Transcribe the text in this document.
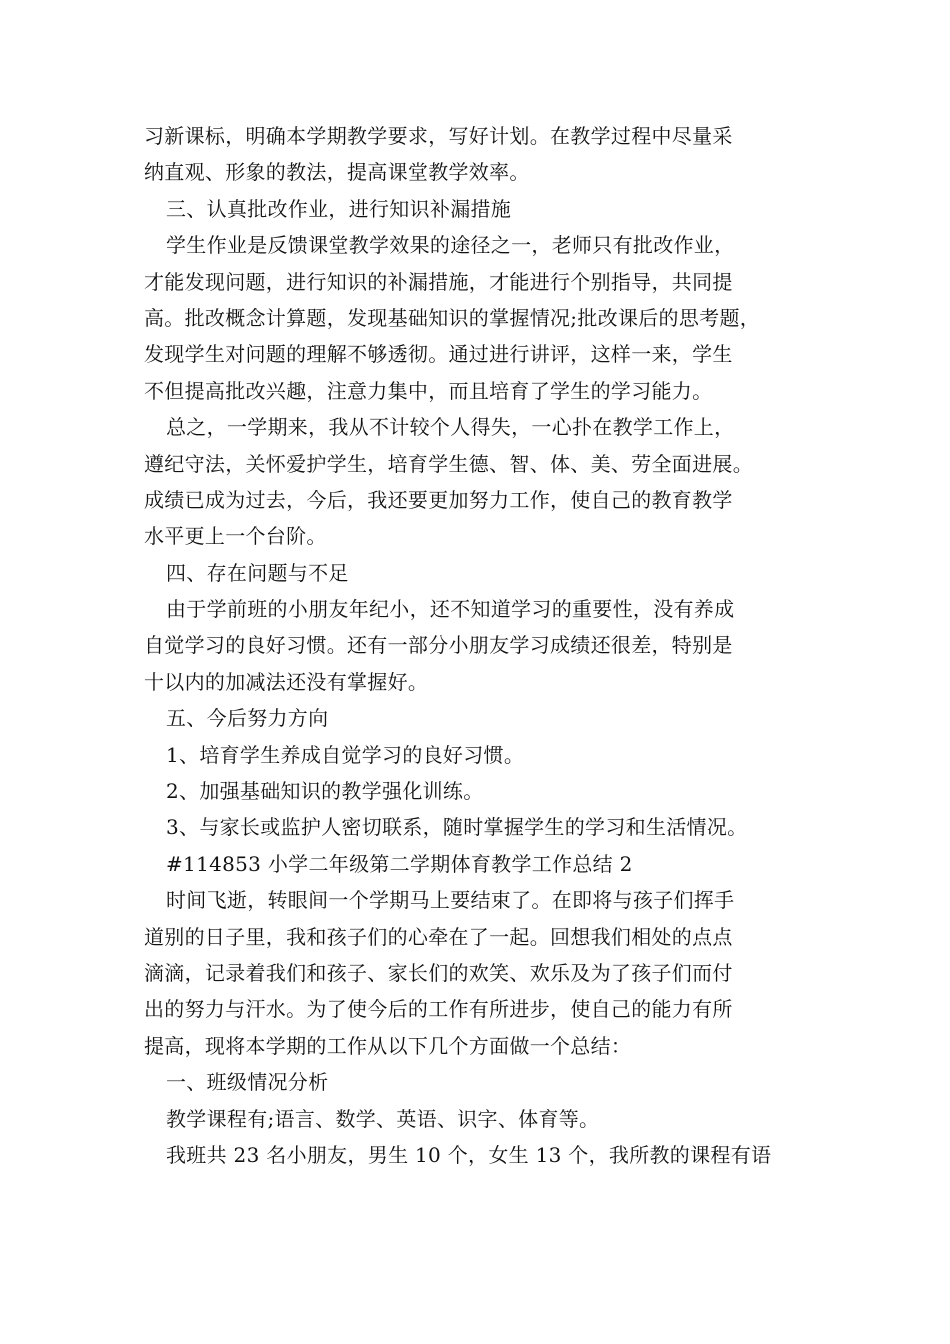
习新课标，明确本学期教学要求，写好计划。在教学过程中尽量采
纳直观、形象的教法，提高课堂教学效率。
三、认真批改作业，进行知识补漏措施
学生作业是反馈课堂教学效果的途径之一，老师只有批改作业，
才能发现问题，进行知识的补漏措施，才能进行个别指导，共同提
高。批改概念计算题，发现基础知识的掌握情况;批改课后的思考题，
发现学生对问题的理解不够透彻。通过进行讲评，这样一来，学生
不但提高批改兴趣，注意力集中，而且培育了学生的学习能力。
总之，一学期来，我从不计较个人得失，一心扑在教学工作上，
遵纪守法，关怀爱护学生，培育学生德、智、体、美、劳全面进展。
成绩已成为过去，今后，我还要更加努力工作，使自己的教育教学
水平更上一个台阶。
四、存在问题与不足
由于学前班的小朋友年纪小，还不知道学习的重要性，没有养成
自觉学习的良好习惯。还有一部分小朋友学习成绩还很差，特别是
十以内的加减法还没有掌握好。
五、今后努力方向
1、培育学生养成自觉学习的良好习惯。
2、加强基础知识的教学强化训练。
3、与家长或监护人密切联系，随时掌握学生的学习和生活情况。
#114853 小学二年级第二学期体育教学工作总结 2
时间飞逝，转眼间一个学期马上要结束了。在即将与孩子们挥手
道别的日子里，我和孩子们的心牵在了一起。回想我们相处的点点
滴滴，记录着我们和孩子、家长们的欢笑、欢乐及为了孩子们而付
出的努力与汗水。为了使今后的工作有所进步，使自己的能力有所
提高，现将本学期的工作从以下几个方面做一个总结：
一、班级情况分析
教学课程有;语言、数学、英语、识字、体育等。
我班共 23 名小朋友，男生 10 个，女生 13 个，我所教的课程有语
